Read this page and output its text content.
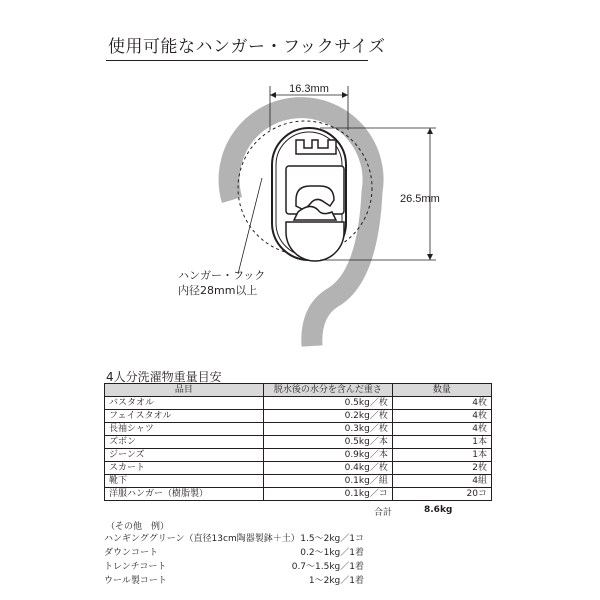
使用可能なハンガー・フックサイズ
16.3mm
26.5mm
ハンガー・フック
内径28mm以上
4人分洗濯物重量目安
品目	脱水後の水分を含んだ重さ	数量
バスタオル	0.5kg／枚	4枚
フェイスタオル	0.2kg／枚	4枚
長袖シャツ	0.3kg／枚	4枚
ズボン	0.5kg／本	1本
ジーンズ	0.9kg／本	1本
スカート	0.4kg／枚	2枚
靴下	0.1kg／組	4組
洋服ハンガー（樹脂製）	0.1kg／コ	20コ
合計	8.6kg
（その他　例）
ハンギンググリーン（直径13cm陶器製鉢＋土） 1.5〜2kg／1コ
ダウンコート	0.2〜1kg／1着
トレンチコート	0.7〜1.5kg／1着
ウール製コート	1〜2kg／1着
